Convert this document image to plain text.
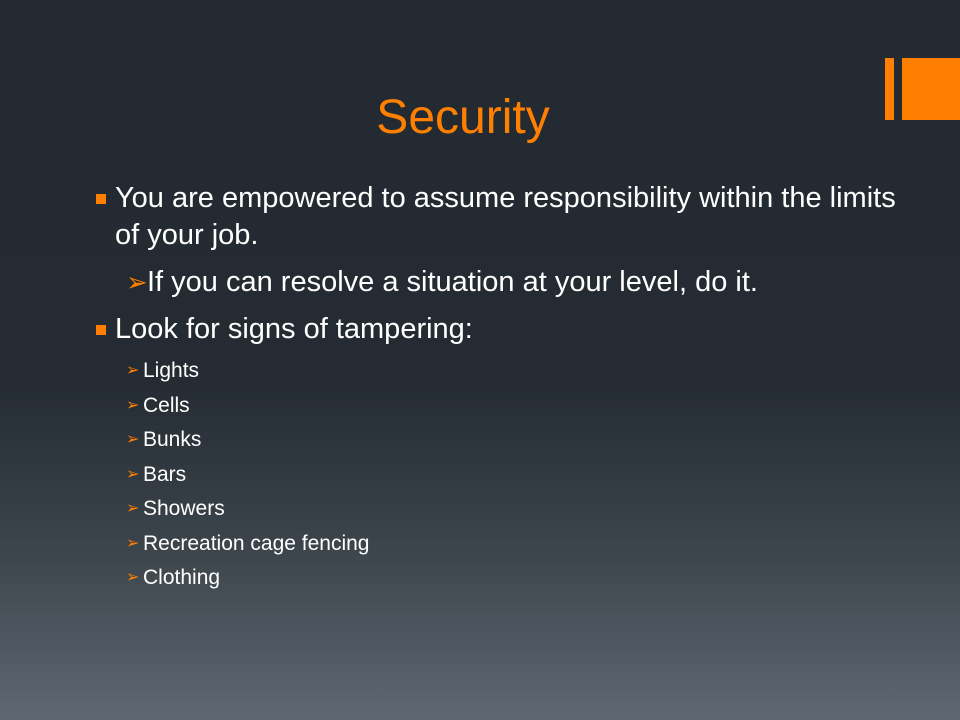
Security
You are empowered to assume responsibility within the limits of your job.
➢ If you can resolve a situation at your level, do it.
Look for signs of tampering:
➢ Lights
➢ Cells
➢ Bunks
➢ Bars
➢ Showers
➢ Recreation cage fencing
➢ Clothing
